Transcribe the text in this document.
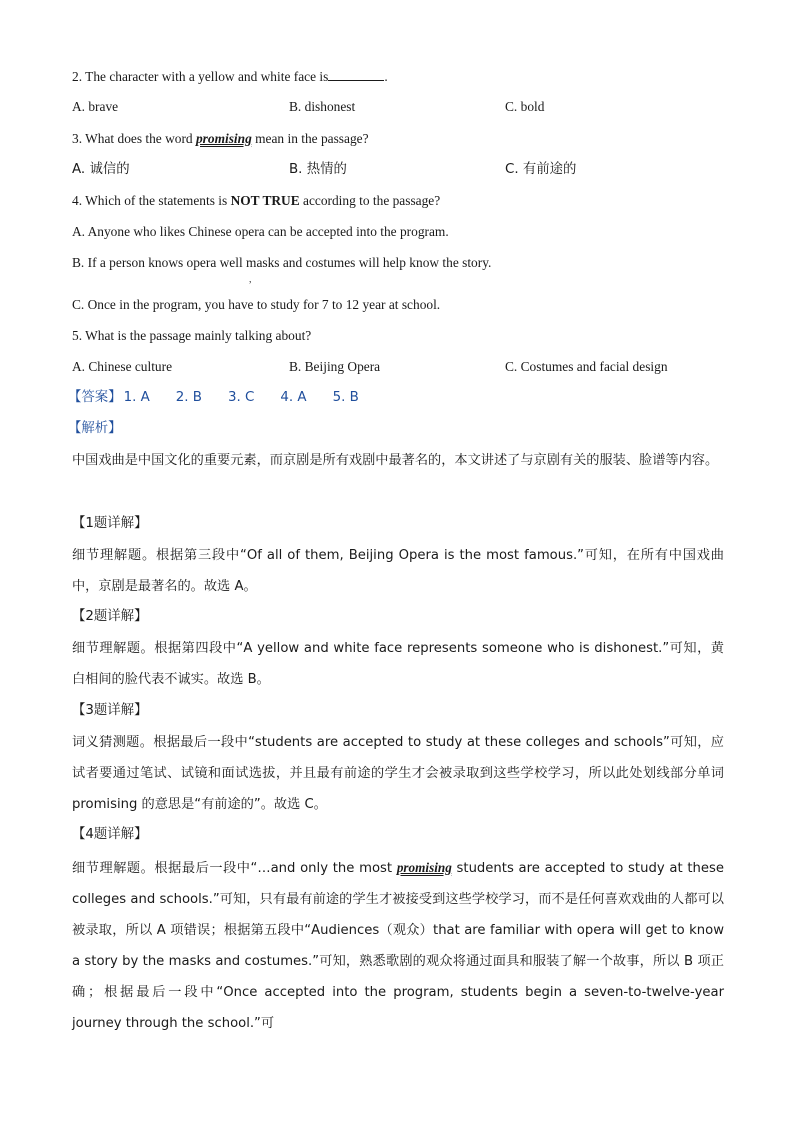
2. The character with a yellow and white face is	.
A. brave	B. dishonest	C. bold
3. What does the word promising mean in the passage?
A. 诚信的	B. 热情的	C. 有前途的
4. Which of the statements is NOT TRUE according to the passage?
A. Anyone who likes Chinese opera can be accepted into the program.
B. If a person knows opera well masks and costumes will help know the story.
,
C. Once in the program, you have to study for 7 to 12 year at school.
5. What is the passage mainly talking about?
A. Chinese culture	B. Beijing Opera	C. Costumes and facial design
【答案】 1. A 2. B 3. C 4. A 5. B
【解析】
中国戏曲是中国文化的重要元素，而京剧是所有戏剧中最著名的，本文讲述了与京剧有关的服装、脸谱等内容。
【1题详解】
细节理解题。根据第三段中“Of all of them, Beijing Opera is the most famous.”可知，在所有中国戏曲中，京剧是最著名的。故选 A。
【2题详解】
细节理解题。根据第四段中“A yellow and white face represents someone who is dishonest.”可知，黄白相间的脸代表不诚实。故选 B。
【3题详解】
词义猜测题。根据最后一段中“students are accepted to study at these colleges and schools”可知，应试者要通过笔试、试镜和面试选拔，并且最有前途的学生才会被录取到这些学校学习，所以此处划线部分单词promising 的意思是“有前途的”。故选 C。
【4题详解】
细节理解题。根据最后一段中“…and only the most promising students are accepted to study at these colleges and schools.”可知，只有最有前途的学生才被接受到这些学校学习，而不是任何喜欢戏曲的人都可以被录取，所以 A 项错误；根据第五段中“Audiences（观众）that are familiar with opera will get to know a story by the masks and costumes.”可知，熟悉歌剧的观众将通过面具和服装了解一个故事，所以 B 项正确；根据最后一段中“Once accepted into the program, students begin a seven-to-twelve-year journey through the school.”可
